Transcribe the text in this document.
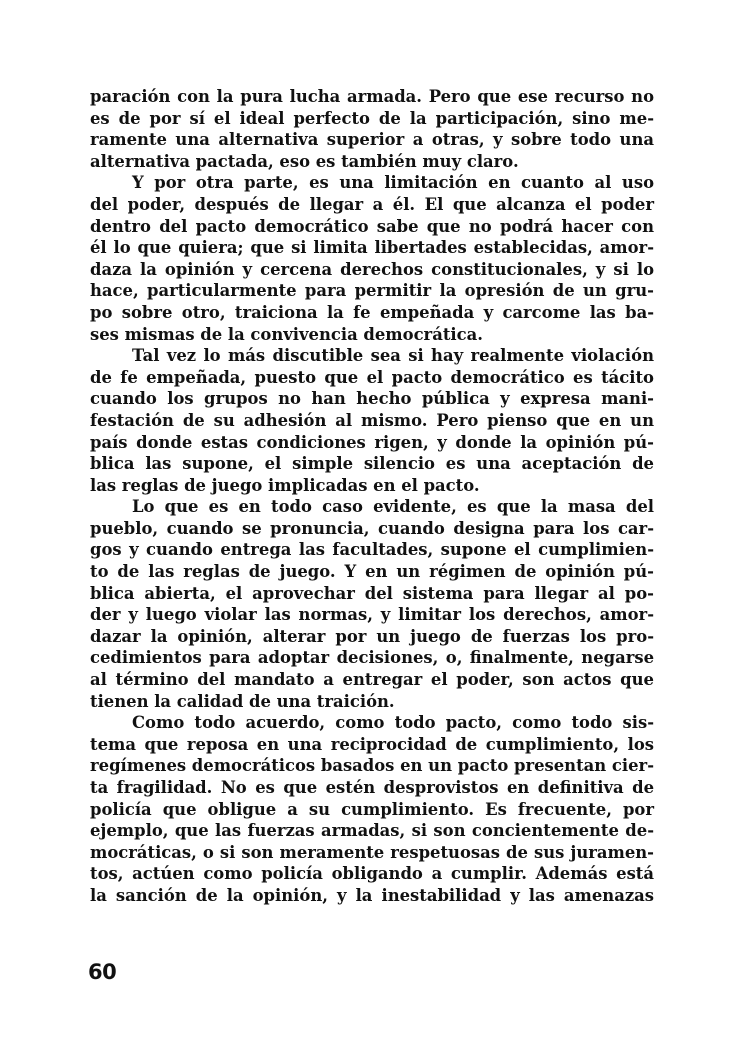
paración con la pura lucha armada. Pero que ese recurso no
es de por sí el ideal perfecto de la participación, sino me-
ramente una alternativa superior a otras, y sobre todo una
alternativa pactada, eso es también muy claro.
Y por otra parte, es una limitación en cuanto al uso
del poder, después de llegar a él. El que alcanza el poder
dentro del pacto democrático sabe que no podrá hacer con
él lo que quiera; que si limita libertades establecidas, amor-
daza la opinión y cercena derechos constitucionales, y si lo
hace, particularmente para permitir la opresión de un gru-
po sobre otro, traiciona la fe empeñada y carcome las ba-
ses mismas de la convivencia democrática.
Tal vez lo más discutible sea si hay realmente violación
de fe empeñada, puesto que el pacto democrático es tácito
cuando los grupos no han hecho pública y expresa mani-
festación de su adhesión al mismo. Pero pienso que en un
país donde estas condiciones rigen, y donde la opinión pú-
blica las supone, el simple silencio es una aceptación de
las reglas de juego implicadas en el pacto.
Lo que es en todo caso evidente, es que la masa del
pueblo, cuando se pronuncia, cuando designa para los car-
gos y cuando entrega las facultades, supone el cumplimien-
to de las reglas de juego. Y en un régimen de opinión pú-
blica abierta, el aprovechar del sistema para llegar al po-
der y luego violar las normas, y limitar los derechos, amor-
dazar la opinión, alterar por un juego de fuerzas los pro-
cedimientos para adoptar decisiones, o, finalmente, negarse
al término del mandato a entregar el poder, son actos que
tienen la calidad de una traición.
Como todo acuerdo, como todo pacto, como todo sis-
tema que reposa en una reciprocidad de cumplimiento, los
regímenes democráticos basados en un pacto presentan cier-
ta fragilidad. No es que estén desprovistos en definitiva de
policía que obligue a su cumplimiento. Es frecuente, por
ejemplo, que las fuerzas armadas, si son concientemente de-
mocráticas, o si son meramente respetuosas de sus juramen-
tos, actúen como policía obligando a cumplir. Además está
la sanción de la opinión, y la inestabilidad y las amenazas
60
